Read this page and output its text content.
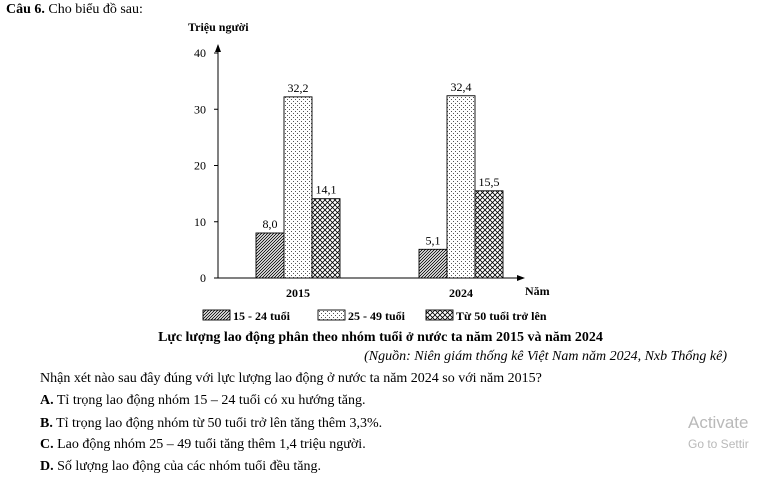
Câu 6. Cho biểu đồ sau:
Triệu người
Năm
0
10
20
30
40
8,0
5,1
32,2	32,4
14,1
15,5
2015	2024
15 - 24 tuổi	25 - 49 tuổi	Từ 50 tuổi trở lên
Lực lượng lao động phân theo nhóm tuổi ở nước ta năm 2015 và năm 2024
(Nguồn: Niên giám thống kê Việt Nam năm 2024, Nxb Thống kê)
Nhận xét nào sau đây đúng với lực lượng lao động ở nước ta năm 2024 so với năm 2015?
A. Tỉ trọng lao động nhóm 15 – 24 tuổi có xu hướng tăng.
B. Tỉ trọng lao động nhóm từ 50 tuổi trở lên tăng thêm 3,3%.
C. Lao động nhóm 25 – 49 tuổi tăng thêm 1,4 triệu người.
D. Số lượng lao động của các nhóm tuổi đều tăng.
Activate
Go to Settir
